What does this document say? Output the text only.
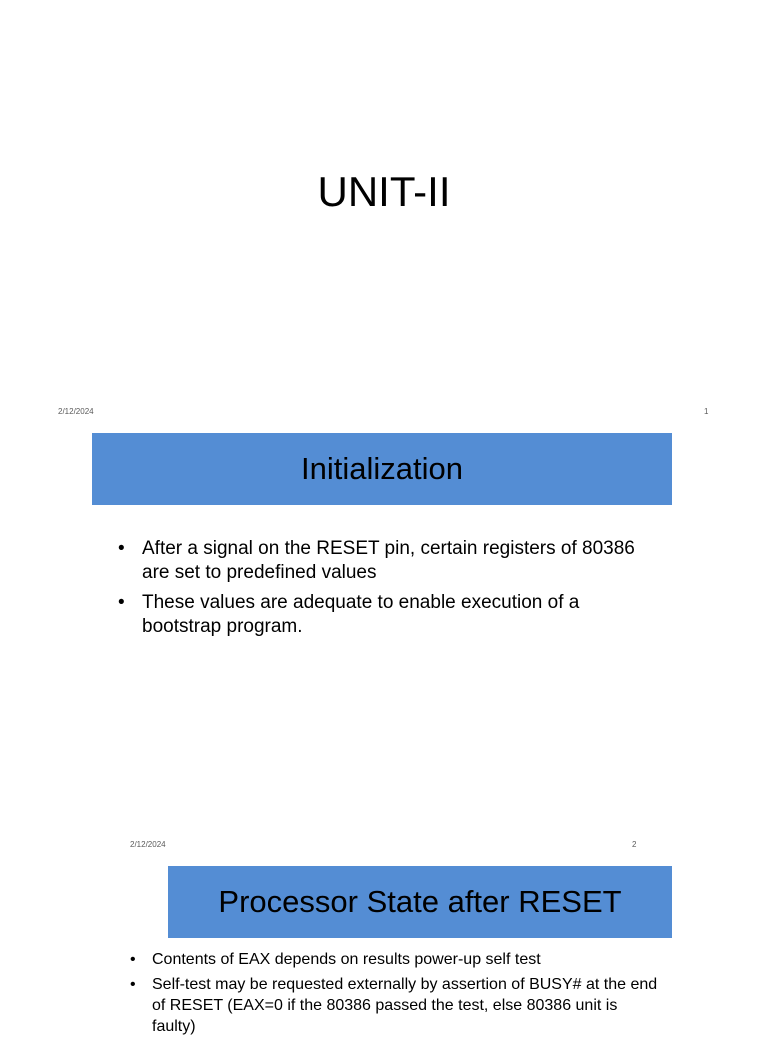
UNIT-II
2/12/2024	1
Initialization
• After a signal on the RESET pin, certain registers of 80386 are set to predefined values
• These values are adequate to enable execution of a bootstrap program.
2/12/2024	2
Processor State after RESET
• Contents of EAX depends on results power-up self test
• Self-test may be requested externally by assertion of BUSY# at the end of RESET (EAX=0 if the 80386 passed the test, else 80386 unit is faulty)
